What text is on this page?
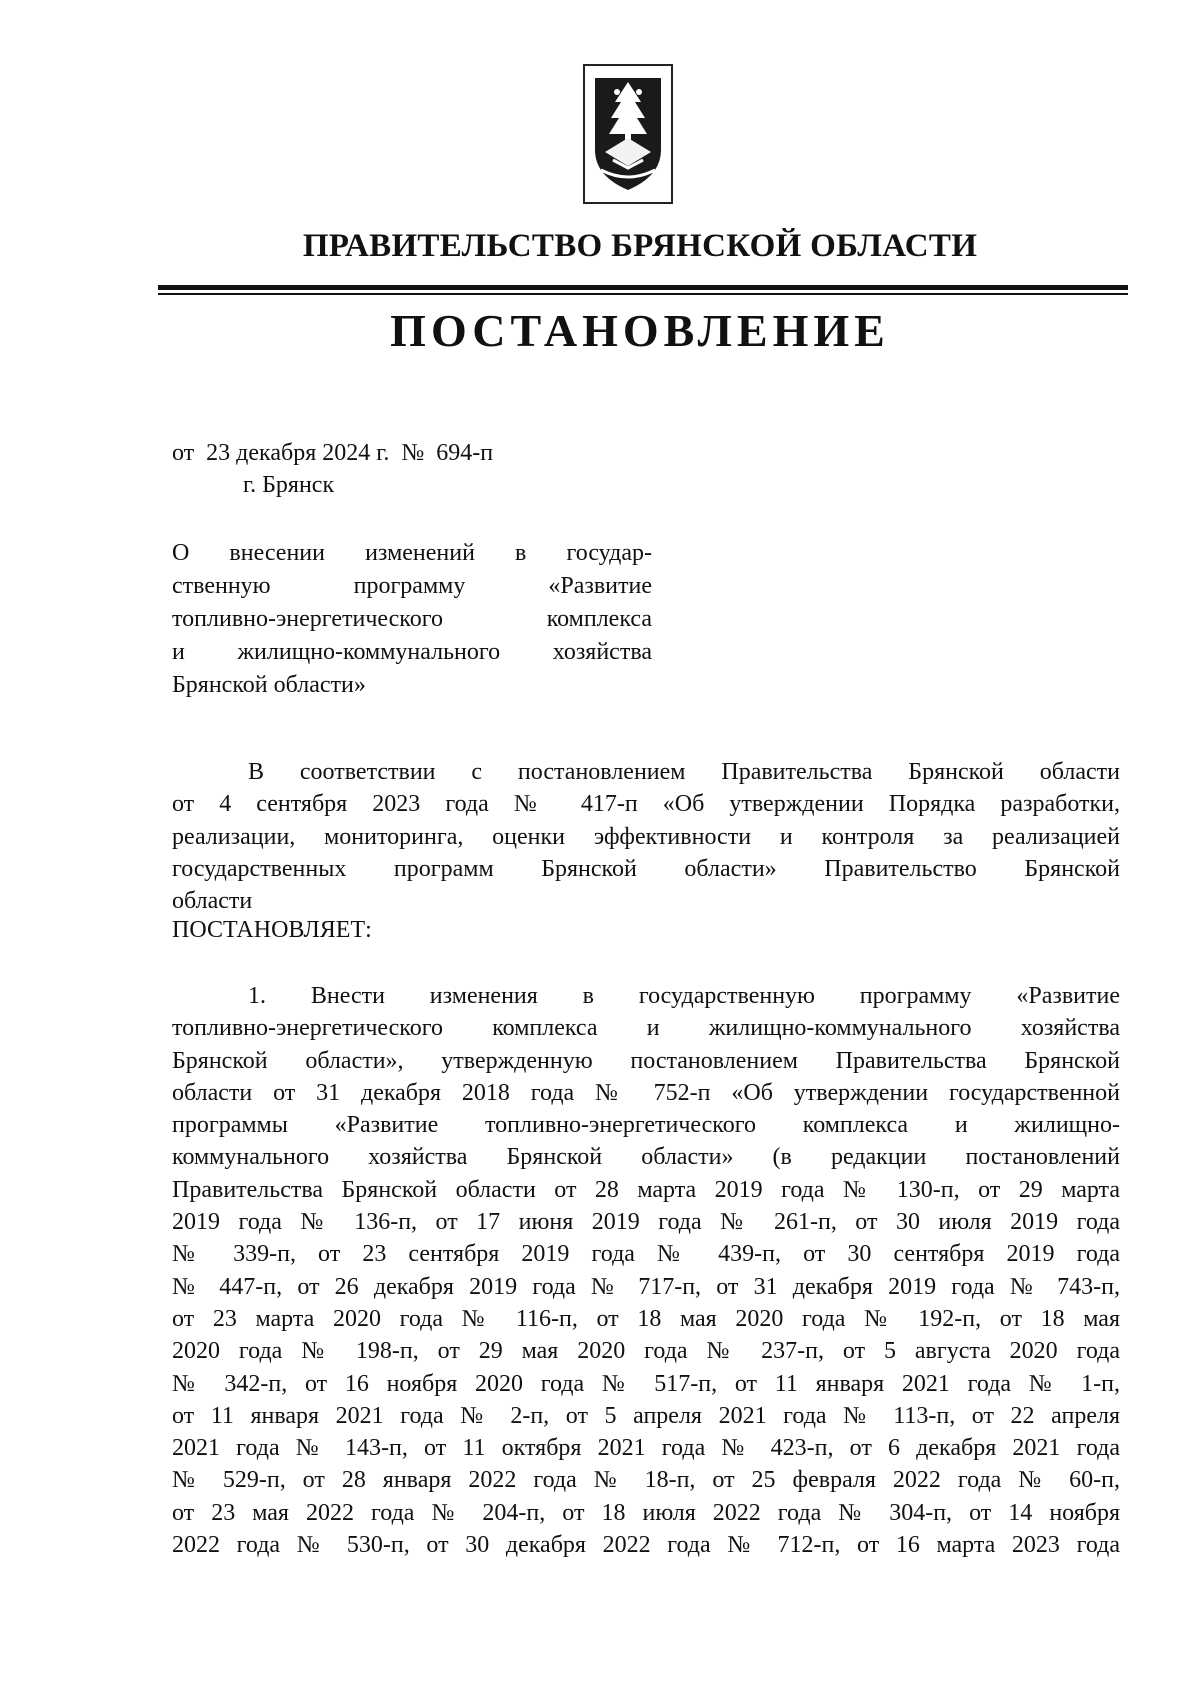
ПРАВИТЕЛЬСТВО БРЯНСКОЙ ОБЛАСТИ
ПОСТАНОВЛЕНИЕ
от  23 декабря 2024 г.  №  694-п
г. Брянск
О внесении изменений в государ-
ственную программу «Развитие
топливно-энергетического комплекса
и жилищно-коммунального хозяйства
Брянской области»
В соответствии с постановлением Правительства Брянской области
от 4 сентября 2023 года № 417-п «Об утверждении Порядка разработки,
реализации, мониторинга, оценки эффективности и контроля за реализацией
государственных программ Брянской области» Правительство Брянской
области
ПОСТАНОВЛЯЕТ:
1. Внести изменения в государственную программу «Развитие
топливно-энергетического комплекса и жилищно-коммунального хозяйства
Брянской области», утвержденную постановлением Правительства Брянской
области от 31 декабря 2018 года № 752-п «Об утверждении государственной
программы «Развитие топливно-энергетического комплекса и жилищно-
коммунального хозяйства Брянской области» (в редакции постановлений
Правительства Брянской области от 28 марта 2019 года № 130-п, от 29 марта
2019 года № 136-п, от 17 июня 2019 года № 261-п, от 30 июля 2019 года
№ 339-п, от 23 сентября 2019 года № 439-п, от 30 сентября 2019 года
№ 447-п, от 26 декабря 2019 года № 717-п, от 31 декабря 2019 года № 743-п,
от 23 марта 2020 года № 116-п, от 18 мая 2020 года № 192-п, от 18 мая
2020 года № 198-п, от 29 мая 2020 года № 237-п, от 5 августа 2020 года
№ 342-п, от 16 ноября 2020 года № 517-п, от 11 января 2021 года № 1-п,
от 11 января 2021 года № 2-п, от 5 апреля 2021 года № 113-п, от 22 апреля
2021 года № 143-п, от 11 октября 2021 года № 423-п, от 6 декабря 2021 года
№ 529-п, от 28 января 2022 года № 18-п, от 25 февраля 2022 года № 60-п,
от 23 мая 2022 года № 204-п, от 18 июля 2022 года № 304-п, от 14 ноября
2022 года № 530-п, от 30 декабря 2022 года № 712-п, от 16 марта 2023 года
